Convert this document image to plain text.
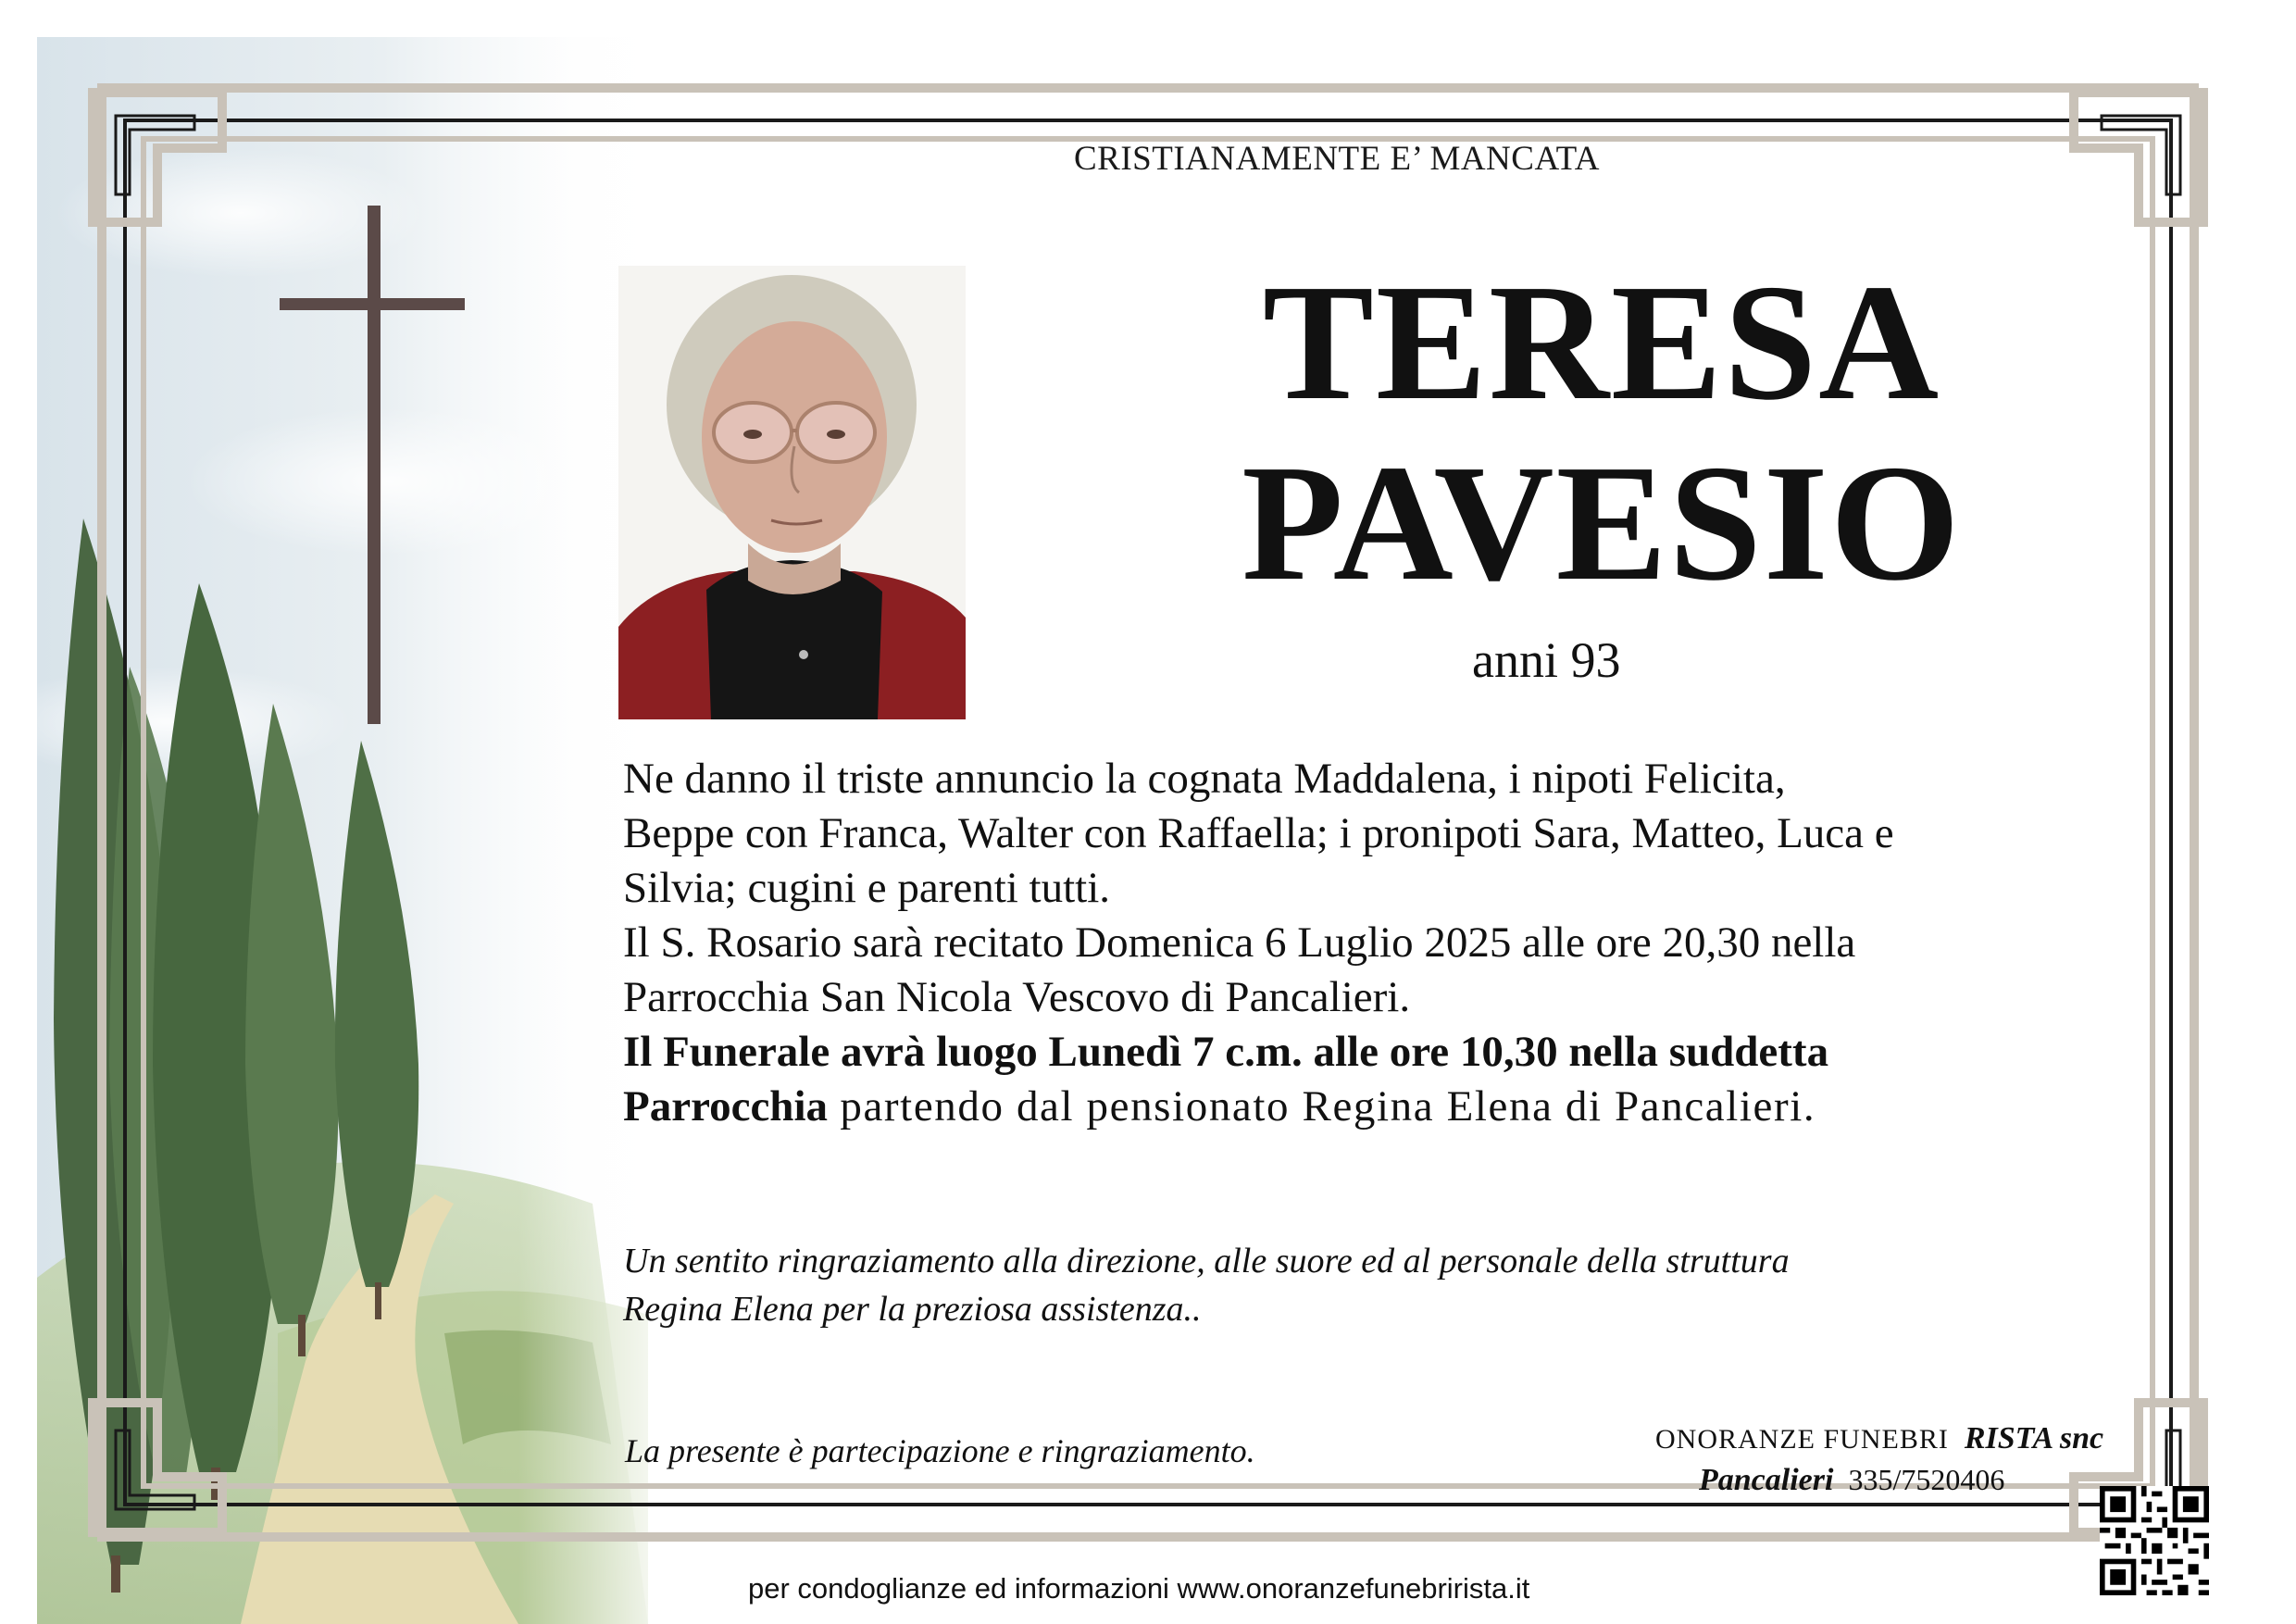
CRISTIANAMENTE E’ MANCATA
TERESA
PAVESIO
anni 93

Ne danno il triste annuncio la cognata Maddalena, i nipoti Felicita,

Beppe con Franca, Walter con Raffaella; i pronipoti Sara, Matteo, Luca e

Silvia; cugini e parenti tutti.

Il S. Rosario sarà recitato Domenica 6 Luglio 2025 alle ore 20,30 nella

Parrocchia San Nicola Vescovo di Pancalieri.

Il Funerale avrà luogo Lunedì 7 c.m. alle ore 10,30 nella suddetta

Parrocchia partendo dal pensionato Regina Elena di Pancalieri.

Un sentito ringraziamento alla direzione, alle suore ed al personale della struttura

Regina Elena per la preziosa assistenza..

La presente è partecipazione e ringraziamento.	ONORANZE FUNEBRI RISTA snc
Pancalieri 335/7520406
per condoglianze ed informazioni www.onoranzefunebrirista.it
